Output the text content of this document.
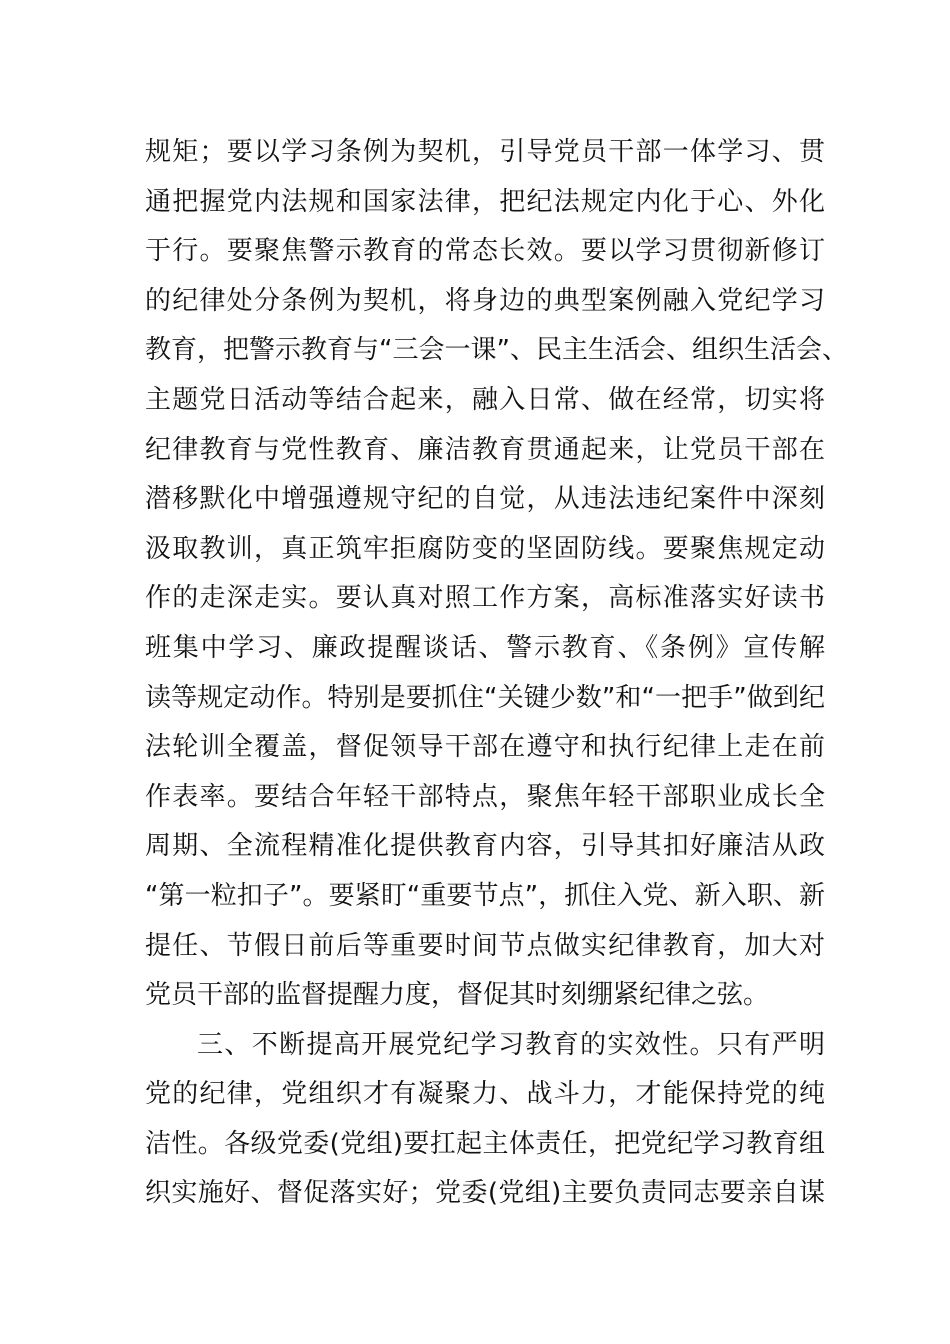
规矩；要以学习条例为契机，引导党员干部一体学习、贯
通把握党内法规和国家法律，把纪法规定内化于心、外化
于行。要聚焦警示教育的常态长效。要以学习贯彻新修订
的纪律处分条例为契机，将身边的典型案例融入党纪学习
教育，把警示教育与“三会一课”、民主生活会、组织生活会、
主题党日活动等结合起来，融入日常、做在经常，切实将
纪律教育与党性教育、廉洁教育贯通起来，让党员干部在
潜移默化中增强遵规守纪的自觉，从违法违纪案件中深刻
汲取教训，真正筑牢拒腐防变的坚固防线。要聚焦规定动
作的走深走实。要认真对照工作方案，高标准落实好读书
班集中学习、廉政提醒谈话、警示教育、《条例》宣传解
读等规定动作。特别是要抓住“关键少数”和“一把手”做到纪
法轮训全覆盖，督促领导干部在遵守和执行纪律上走在前
作表率。要结合年轻干部特点，聚焦年轻干部职业成长全
周期、全流程精准化提供教育内容，引导其扣好廉洁从政
“第一粒扣子”。要紧盯“重要节点”，抓住入党、新入职、新
提任、节假日前后等重要时间节点做实纪律教育，加大对
党员干部的监督提醒力度，督促其时刻绷紧纪律之弦。
三、不断提高开展党纪学习教育的实效性。只有严明
党的纪律，党组织才有凝聚力、战斗力，才能保持党的纯
洁性。各级党委(党组)要扛起主体责任，把党纪学习教育组
织实施好、督促落实好；党委(党组)主要负责同志要亲自谋
